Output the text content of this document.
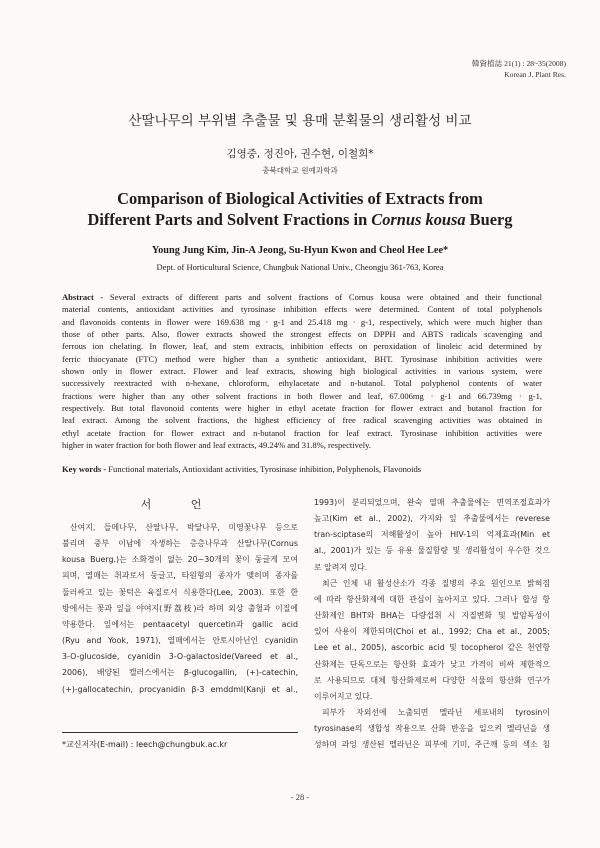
韓資植誌 21(1) : 28~35(2008)
Korean J. Plant Res.
산딸나무의 부위별 추출물 및 용매 분획물의 생리활성 비교
김영중, 정진아, 권수현, 이철희*
충북대학교 원예과학과
Comparison of Biological Activities of Extracts from
Different Parts and Solvent Fractions in Cornus kousa Buerg
Young Jung Kim, Jin-A Jeong, Su-Hyun Kwon and Cheol Hee Lee*
Dept. of Horticultural Science, Chungbuk National Univ., Cheongju 361-763, Korea
Abstract - Several extracts of different parts and solvent fractions of Cornus kousa were obtained and their functional
material contents, antioxidant activities and tyrosinase inhibition effects were determined. Content of total polyphenols
and flavonoids contents in flower were 169.638 mg · g-1 and 25.418 mg · g-1, respectively, which were much higher than
those of other parts. Also, flower extracts showed the strongest effects on DPPH and ABTS radicals scavenging and
ferrous ion chelating. In flower, leaf, and stem extracts, inhibition effects on peroxidation of linoleic acid determined by
ferric thiocyanate (FTC) method were higher than a synthetic antioxidant, BHT. Tyrosinase inhibition activities were
shown only in flower extract. Flower and leaf extracts, showing high biological activities in various system, were
successively reextracted with n-hexane, chloroform, ethylacetate and n-butanol. Total polyphenol contents of water
fractions were higher than any other solvent fractions in both flower and leaf, 67.006mg · g-1 and 66.739mg · g-1,
respectively. But total flavonoid contents were higher in ethyl acetate fraction for flower extract and butanol fraction for
leaf extract. Among the solvent fractions, the highest efficiency of free radical scavenging activities was obtained in
ethyl acetate fraction for flower extract and n-butanol fraction for leaf extract. Tyrosinase inhibition activities were
higher in water fraction for both flower and leaf extracts, 49.24% and 31.8%, respectively.
Key words - Functional materials, Antioxidant activities, Tyrosinase inhibition, Polyphenols, Flavonoids
서 언
산여지, 들메나무, 산딸나무, 박달나무, 미영꽃나무 등으로
불리며 중부 이남에 자생하는 층층나무과 산딸나무(Cornus
kousa Buerg.)는 소화경이 없는 20~30개의 꽃이 둥글게 모여
피며, 열매는 취과로서 둥글고, 타원형의 종자가 맺히며 종자를
둘러싸고 있는 꽃턱은 육질로서 식용한다(Lee, 2003). 또한 한
방에서는 꽃과 잎을 야여지(野荔枝)라 하며 외상 출혈과 이질에
약용한다. 잎에서는 pentaacetyl quercetin과 gallic acid
(Ryu and Yook, 1971), 열매에서는 안토시아닌인 cyanidin
3-O-glucoside, cyanidin 3-O-galactoside(Vareed et al.,
2006), 배양된 캘러스에서는 β-glucogallin, (+)-catechin,
(+)-gallocatechin, procyanidin β-3 emddml(Kanji et al.,
1993)이 분리되었으며, 완숙 열매 추출물에는 면역조절효과가
높고(Kim et al., 2002), 가지와 잎 추출물에서는 reverese
tran-sciptase의 저해활성이 높아 HIV-1의 억제효과(Min et
al., 2001)가 있는 등 유용 물질함량 및 생리활성이 우수한 것으
로 알려져 있다.
최근 인체 내 활성산소가 각종 질병의 주요 원인으로 밝혀짐
에 따라 항산화제에 대한 관심이 높아지고 있다. 그러나 합성 항
산화제인 BHT와 BHA는 다량섭취 시 지질변화 및 발암독성이
있어 사용이 제한되며(Choi et al., 1992; Cha et al., 2005;
Lee et al., 2005), ascorbic acid 및 tocopherol 같은 천연항
산화제는 단독으로는 항산화 효과가 낮고 가격이 비싸 제한적으
로 사용되므로 대체 항산화제로써 다양한 식물의 항산화 연구가
이루어지고 있다.
피부가 자외선에 노출되면 멜라닌 세포내의 tyrosin이
tyrosinase의 생합성 작용으로 산화 반응을 일으켜 멜라닌을 생
성하며 과잉 생산된 멜라닌은 피부에 기미, 주근깨 등의 색소 침
*교신저자(E-mail) : leech@chungbuk.ac.kr
- 28 -
